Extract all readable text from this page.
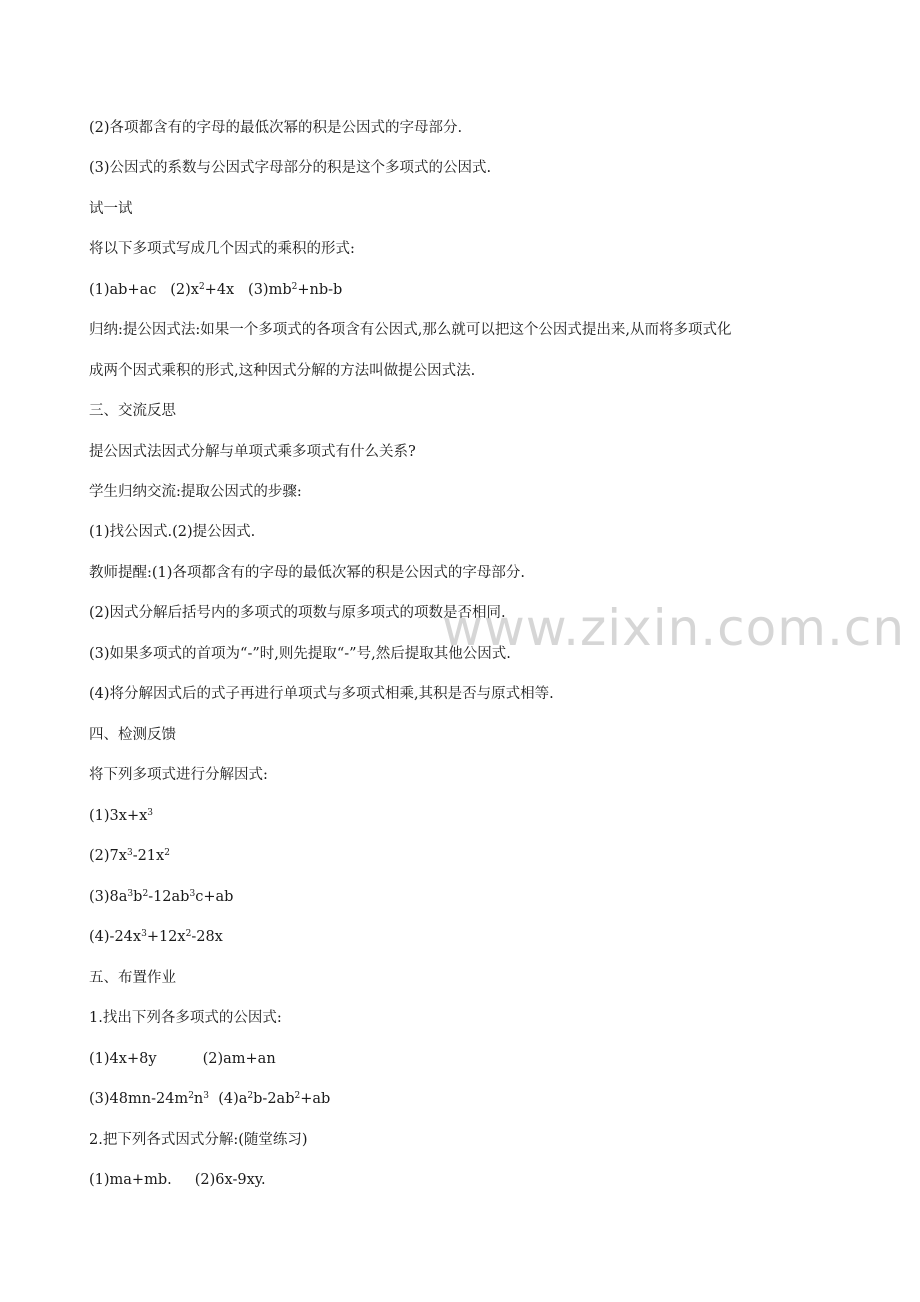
www.zixin.com.cn

(2)各项都含有的字母的最低次幂的积是公因式的字母部分.

(3)公因式的系数与公因式字母部分的积是这个多项式的公因式.

试一试

将以下多项式写成几个因式的乘积的形式:

(1)ab+ac   $(2)x^2+4x$   $(3)mb^2+nb-b$

归纳:提公因式法:如果一个多项式的各项含有公因式,那么就可以把这个公因式提出来,从而将多项式化

成两个因式乘积的形式,这种因式分解的方法叫做提公因式法.

三、交流反思

提公因式法因式分解与单项式乘多项式有什么关系?

学生归纳交流:提取公因式的步骤:

(1)找公因式.(2)提公因式.

教师提醒:(1)各项都含有的字母的最低次幂的积是公因式的字母部分.

(2)因式分解后括号内的多项式的项数与原多项式的项数是否相同.

(3)如果多项式的首项为“-”时,则先提取“-”号,然后提取其他公因式.

(4)将分解因式后的式子再进行单项式与多项式相乘,其积是否与原式相等.

四、检测反馈

将下列多项式进行分解因式:

$(1)3x+x^3$

$(2)7x^3-21x^2$

$(3)8a^3b^2-12ab^3c+ab$

$(4)-24x^3+12x^2-28x$

五、布置作业

1.找出下列各多项式的公因式:

(1)4x+8y          (2)am+an

$(3)48mn-24m^2n^3$  $(4)a^2b-2ab^2+ab$

2.把下列各式因式分解:(随堂练习)

(1)ma+mb.     (2)6x-9xy.
